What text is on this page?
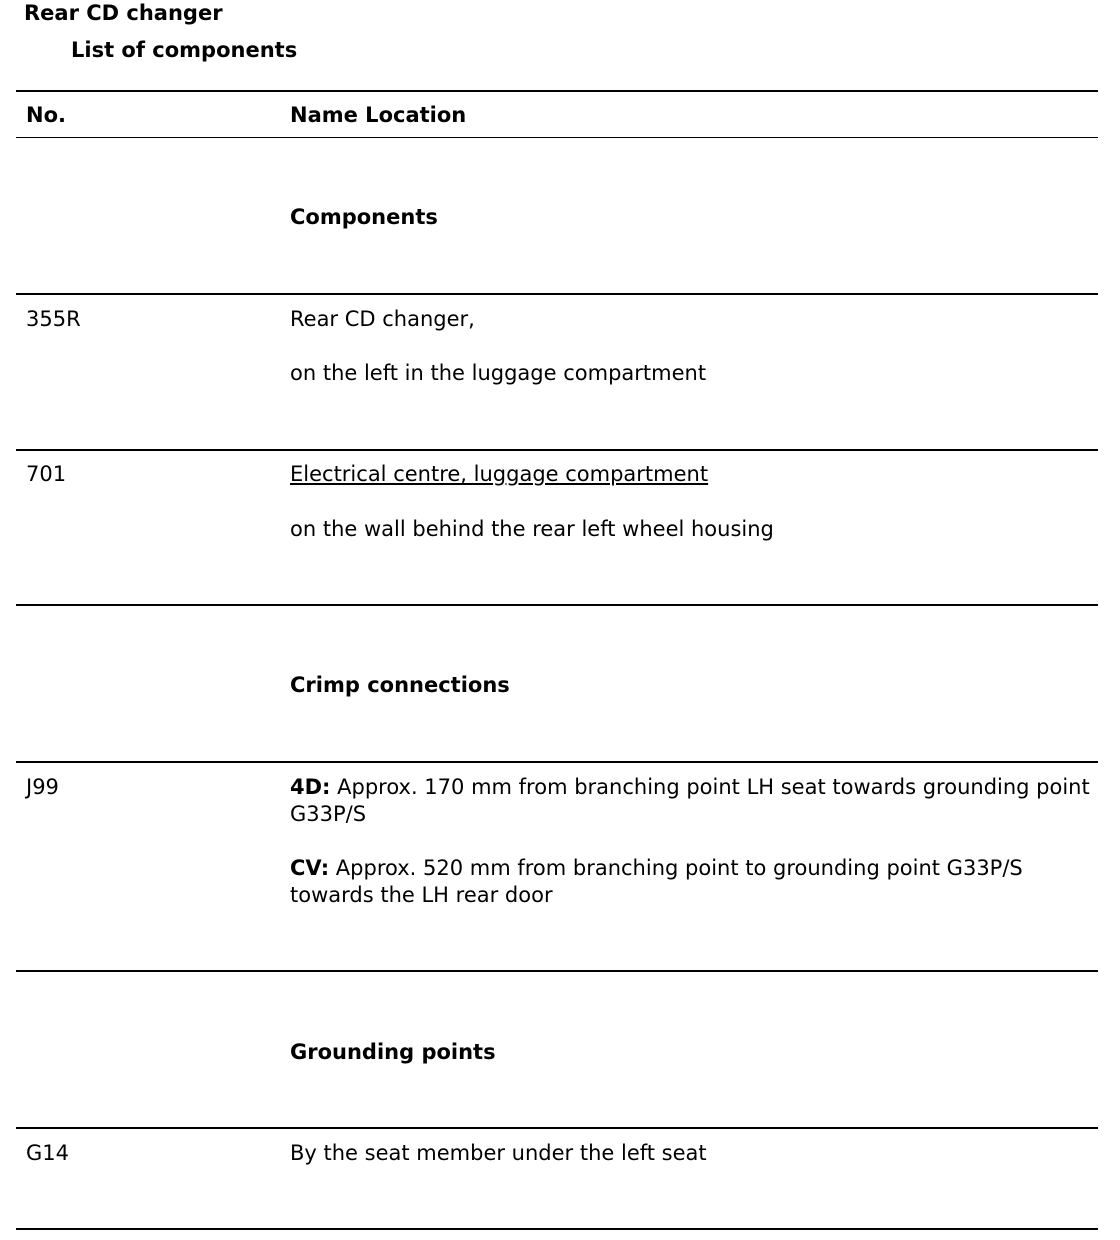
Rear CD changer
List of components
No.	Name Location
Components
355R	Rear CD changer,
on the left in the luggage compartment
701	Electrical centre, luggage compartment
on the wall behind the rear left wheel housing
Crimp connections
J99	4D: Approx. 170 mm from branching point LH seat towards grounding point G33P/S
CV: Approx. 520 mm from branching point to grounding point G33P/S towards the LH rear door
Grounding points
G14	By the seat member under the left seat
